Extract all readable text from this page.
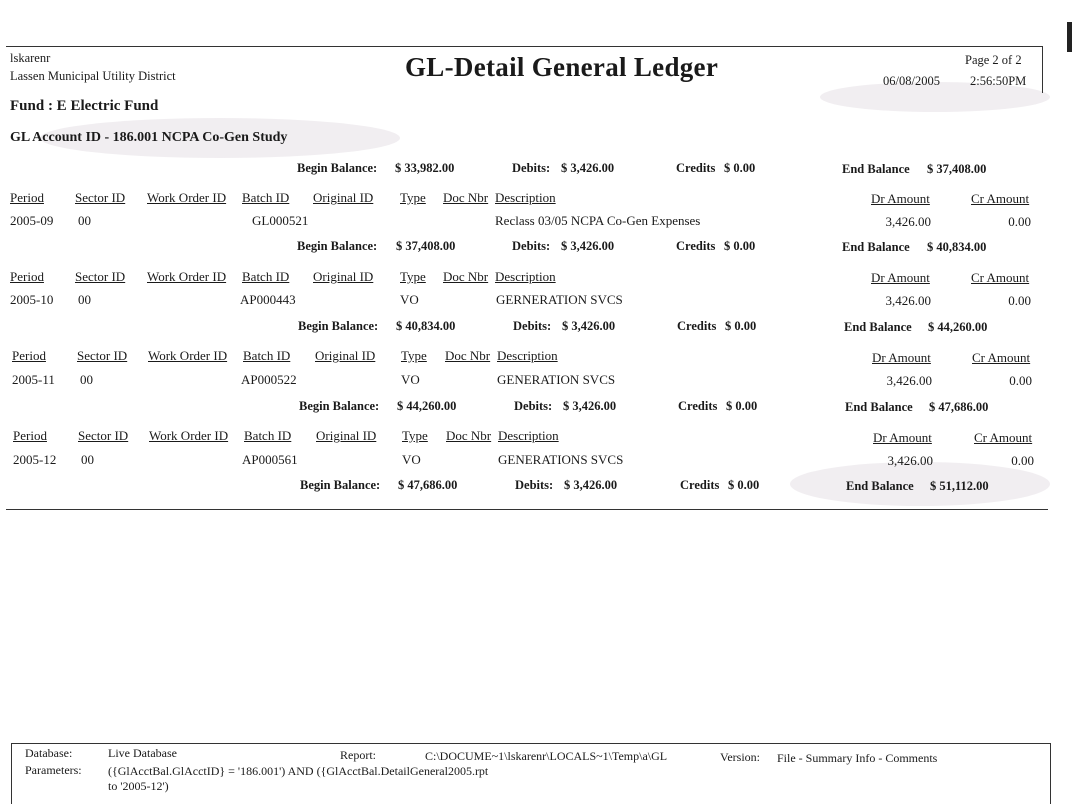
lskarenr
Lassen Municipal Utility District	GL-Detail General Ledger	Page 2 of 2
06/08/2005 2:56:50PM
Fund : E Electric Fund
GL Account ID - 186.001 NCPA Co-Gen Study
Begin Balance: $ 33,982.00	Debits: $ 3,426.00	Credits $ 0.00	End Balance $ 37,408.00
Period Sector ID Work Order ID Batch ID Original ID Type Doc Nbr Description	Dr Amount	Cr Amount
2005-09 00	GL000521	Reclass 03/05 NCPA Co-Gen Expenses	3,426.00	0.00
Begin Balance: $ 37,408.00	Debits: $ 3,426.00	Credits $ 0.00	End Balance $ 40,834.00
Period Sector ID Work Order ID Batch ID Original ID Type Doc Nbr Description	Dr Amount	Cr Amount
2005-10 00	AP000443	VO	GERNERATION SVCS	3,426.00	0.00
Begin Balance: $ 40,834.00	Debits: $ 3,426.00	Credits $ 0.00	End Balance $ 44,260.00
Period Sector ID Work Order ID Batch ID Original ID Type Doc Nbr Description	Dr Amount	Cr Amount
2005-11 00	AP000522	VO	GENERATION SVCS	3,426.00	0.00
Begin Balance: $ 44,260.00	Debits: $ 3,426.00	Credits $ 0.00	End Balance $ 47,686.00
Period Sector ID Work Order ID Batch ID Original ID Type Doc Nbr Description	Dr Amount	Cr Amount
2005-12 00	AP000561	VO	GENERATIONS SVCS	3,426.00	0.00
Begin Balance: $ 47,686.00	Debits: $ 3,426.00	Credits $ 0.00	End Balance $ 51,112.00
Database:	Live Database	Report:	C:\DOCUME~1\lskarenr\LOCALS~1\Temp\a\GL	Version: File - Summary Info - Comments
Parameters: ({GlAcctBal.GlAcctID} = '186.001') AND ({GlAcctBal.DetailGeneral2005.rpt
to '2005-12')
